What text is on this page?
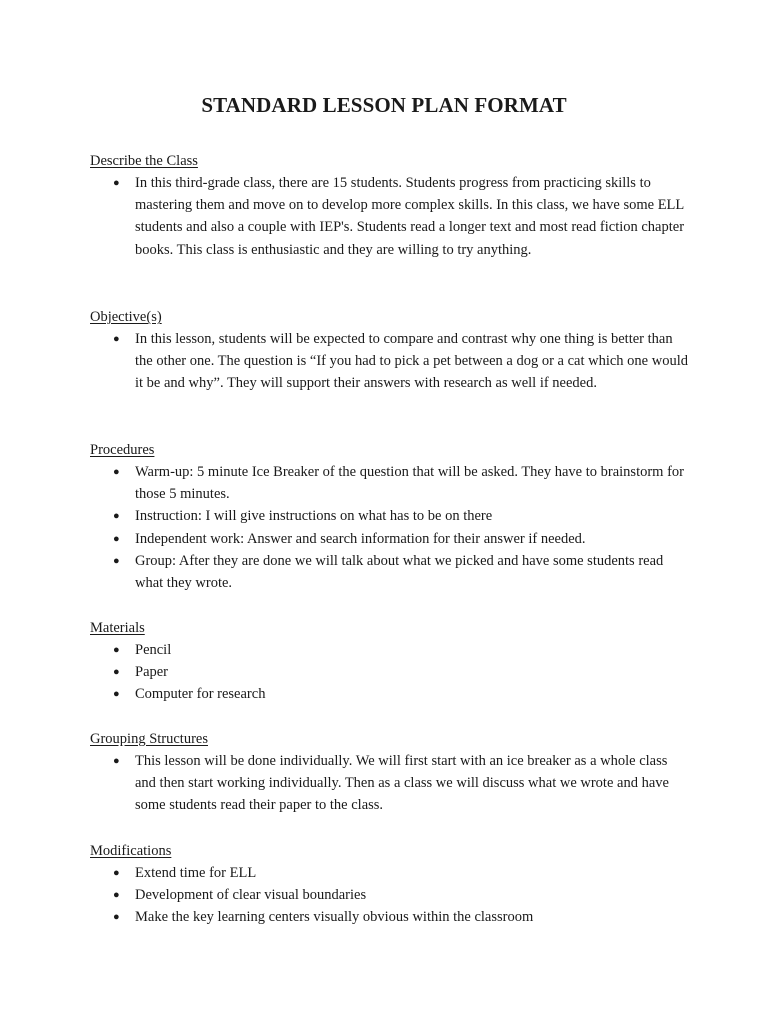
STANDARD LESSON PLAN FORMAT

Describe the Class

● In this third-grade class, there are 15 students. Students progress from practicing skills to mastering them and move on to develop more complex skills. In this class, we have some ELL students and also a couple with IEP's. Students read a longer text and most read fiction chapter books. This class is enthusiastic and they are willing to try anything.

Objective(s)

● In this lesson, students will be expected to compare and contrast why one thing is better than the other one. The question is “If you had to pick a pet between a dog or a cat which one would it be and why”. They will support their answers with research as well if needed.

Procedures

● Warm-up: 5 minute Ice Breaker of the question that will be asked. They have to brainstorm for those 5 minutes.
● Instruction: I will give instructions on what has to be on there
● Independent work: Answer and search information for their answer if needed.
● Group: After they are done we will talk about what we picked and have some students read what they wrote.

Materials

● Pencil
● Paper
● Computer for research

Grouping Structures

● This lesson will be done individually. We will first start with an ice breaker as a whole class and then start working individually. Then as a class we will discuss what we wrote and have some students read their paper to the class.

Modifications

● Extend time for ELL
● Development of clear visual boundaries
● Make the key learning centers visually obvious within the classroom
